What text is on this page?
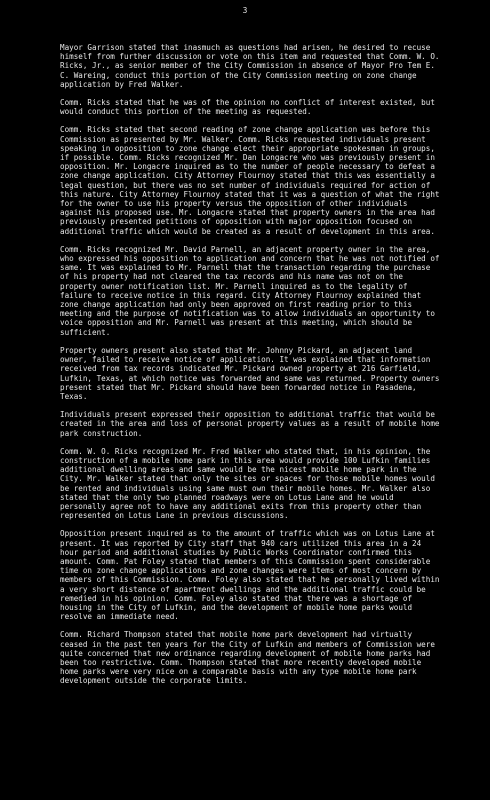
3

Mayor Garrison stated that inasmuch as questions had arisen, he desired to recuse himself from further discussion or vote on this item and requested that Comm. W. O. Ricks, Jr., as senior member of the City Commission in absence of Mayor Pro Tem E. C. Wareing, conduct this portion of the City Commission meeting on zone change application by Fred Walker.

Comm. Ricks stated that he was of the opinion no conflict of interest existed, but would conduct this portion of the meeting as requested.

Comm. Ricks stated that second reading of zone change application was before this Commission as presented by Mr. Walker. Comm. Ricks requested individuals present speaking in opposition to zone change elect their appropriate spokesman in groups, if possible. Comm. Ricks recognized Mr. Dan Longacre who was previously present in opposition. Mr. Longacre inquired as to the number of people necessary to defeat a zone change application. City Attorney Flournoy stated that this was essentially a legal question, but there was no set number of individuals required for action of this nature. City Attorney Flournoy stated that it was a question of what the right for the owner to use his property versus the opposition of other individuals against his proposed use. Mr. Longacre stated that property owners in the area had previously presented petitions of opposition with major opposition focused on additional traffic which would be created as a result of development in this area.

Comm. Ricks recognized Mr. David Parnell, an adjacent property owner in the area, who expressed his opposition to application and concern that he was not notified of same. It was explained to Mr. Parnell that the transaction regarding the purchase of his property had not cleared the tax records and his name was not on the property owner notification list. Mr. Parnell inquired as to the legality of failure to receive notice in this regard. City Attorney Flournoy explained that zone change application had only been approved on first reading prior to this meeting and the purpose of notification was to allow individuals an opportunity to voice opposition and Mr. Parnell was present at this meeting, which should be sufficient.

Property owners present also stated that Mr. Johnny Pickard, an adjacent land owner, failed to receive notice of application. It was explained that information received from tax records indicated Mr. Pickard owned property at 216 Garfield, Lufkin, Texas, at which notice was forwarded and same was returned. Property owners present stated that Mr. Pickard should have been forwarded notice in Pasadena, Texas.

Individuals present expressed their opposition to additional traffic that would be created in the area and loss of personal property values as a result of mobile home park construction.

Comm. W. O. Ricks recognized Mr. Fred Walker who stated that, in his opinion, the construction of a mobile home park in this area would provide 100 Lufkin families additional dwelling areas and same would be the nicest mobile home park in the City. Mr. Walker stated that only the sites or spaces for those mobile homes would be rented and individuals using same must own their mobile homes. Mr. Walker also stated that the only two planned roadways were on Lotus Lane and he would personally agree not to have any additional exits from this property other than represented on Lotus Lane in previous discussions.

Opposition present inquired as to the amount of traffic which was on Lotus Lane at present. It was reported by City staff that 940 cars utilized this area in a 24 hour period and additional studies by Public Works Coordinator confirmed this amount. Comm. Pat Foley stated that members of this Commission spent considerable time on zone change applications and zone changes were items of most concern by members of this Commission. Comm. Foley also stated that he personally lived within a very short distance of apartment dwellings and the additional traffic could be remedied in his opinion. Comm. Foley also stated that there was a shortage of housing in the City of Lufkin, and the development of mobile home parks would resolve an immediate need.

Comm. Richard Thompson stated that mobile home park development had virtually ceased in the past ten years for the City of Lufkin and members of Commission were quite concerned that new ordinance regarding development of mobile home parks had been too restrictive. Comm. Thompson stated that more recently developed mobile home parks were very nice on a comparable basis with any type mobile home park development outside the corporate limits.
